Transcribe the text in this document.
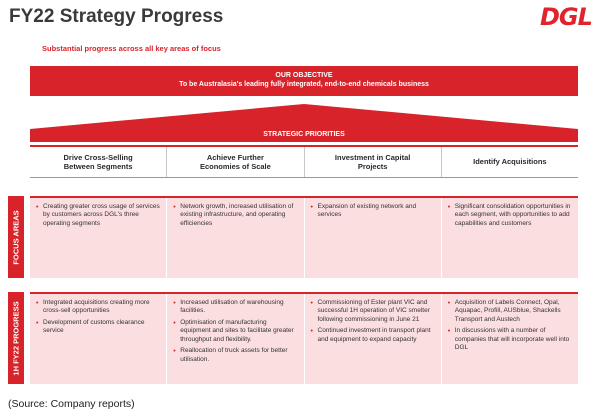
FY22 Strategy Progress	DGL
Substantial progress across all key areas of focus
OUR OBJECTIVE
To be Australasia's leading fully integrated, end-to-end chemicals business
STRATEGIC PRIORITIES
Drive Cross-Selling Between Segments
Achieve Further Economies of Scale
Investment in Capital Projects
Identify Acquisitions
FOCUS AREAS
• Creating greater cross usage of services by customers across DGL's three operating segments
• Network growth, increased utilisation of existing infrastructure, and operating efficiencies
• Expansion of existing network and services
• Significant consolidation opportunities in each segment, with opportunities to add capabilities and customers
1H FY22 PROGRESS
•	Integrated acquisitions creating more cross-sell opportunities
• Development of customs clearance service
• Increased utilisation of warehousing facilities.
• Optimisation of manufacturing equipment and sites to facilitate greater throughput and flexibility.
• Reallocation of truck assets for better utilisation.
• Commissioning of Ester plant VIC and successful 1H operation of VIC smelter following commissioning in June 21
• Continued investment in transport plant and equipment to expand capacity
• Acquisition of Labels Connect, Opal, Aquapac, Profill, AUSblue, Shackells Transport and Austech
• In discussions with a number of companies that will incorporate well into DGL
(Source: Company reports)
